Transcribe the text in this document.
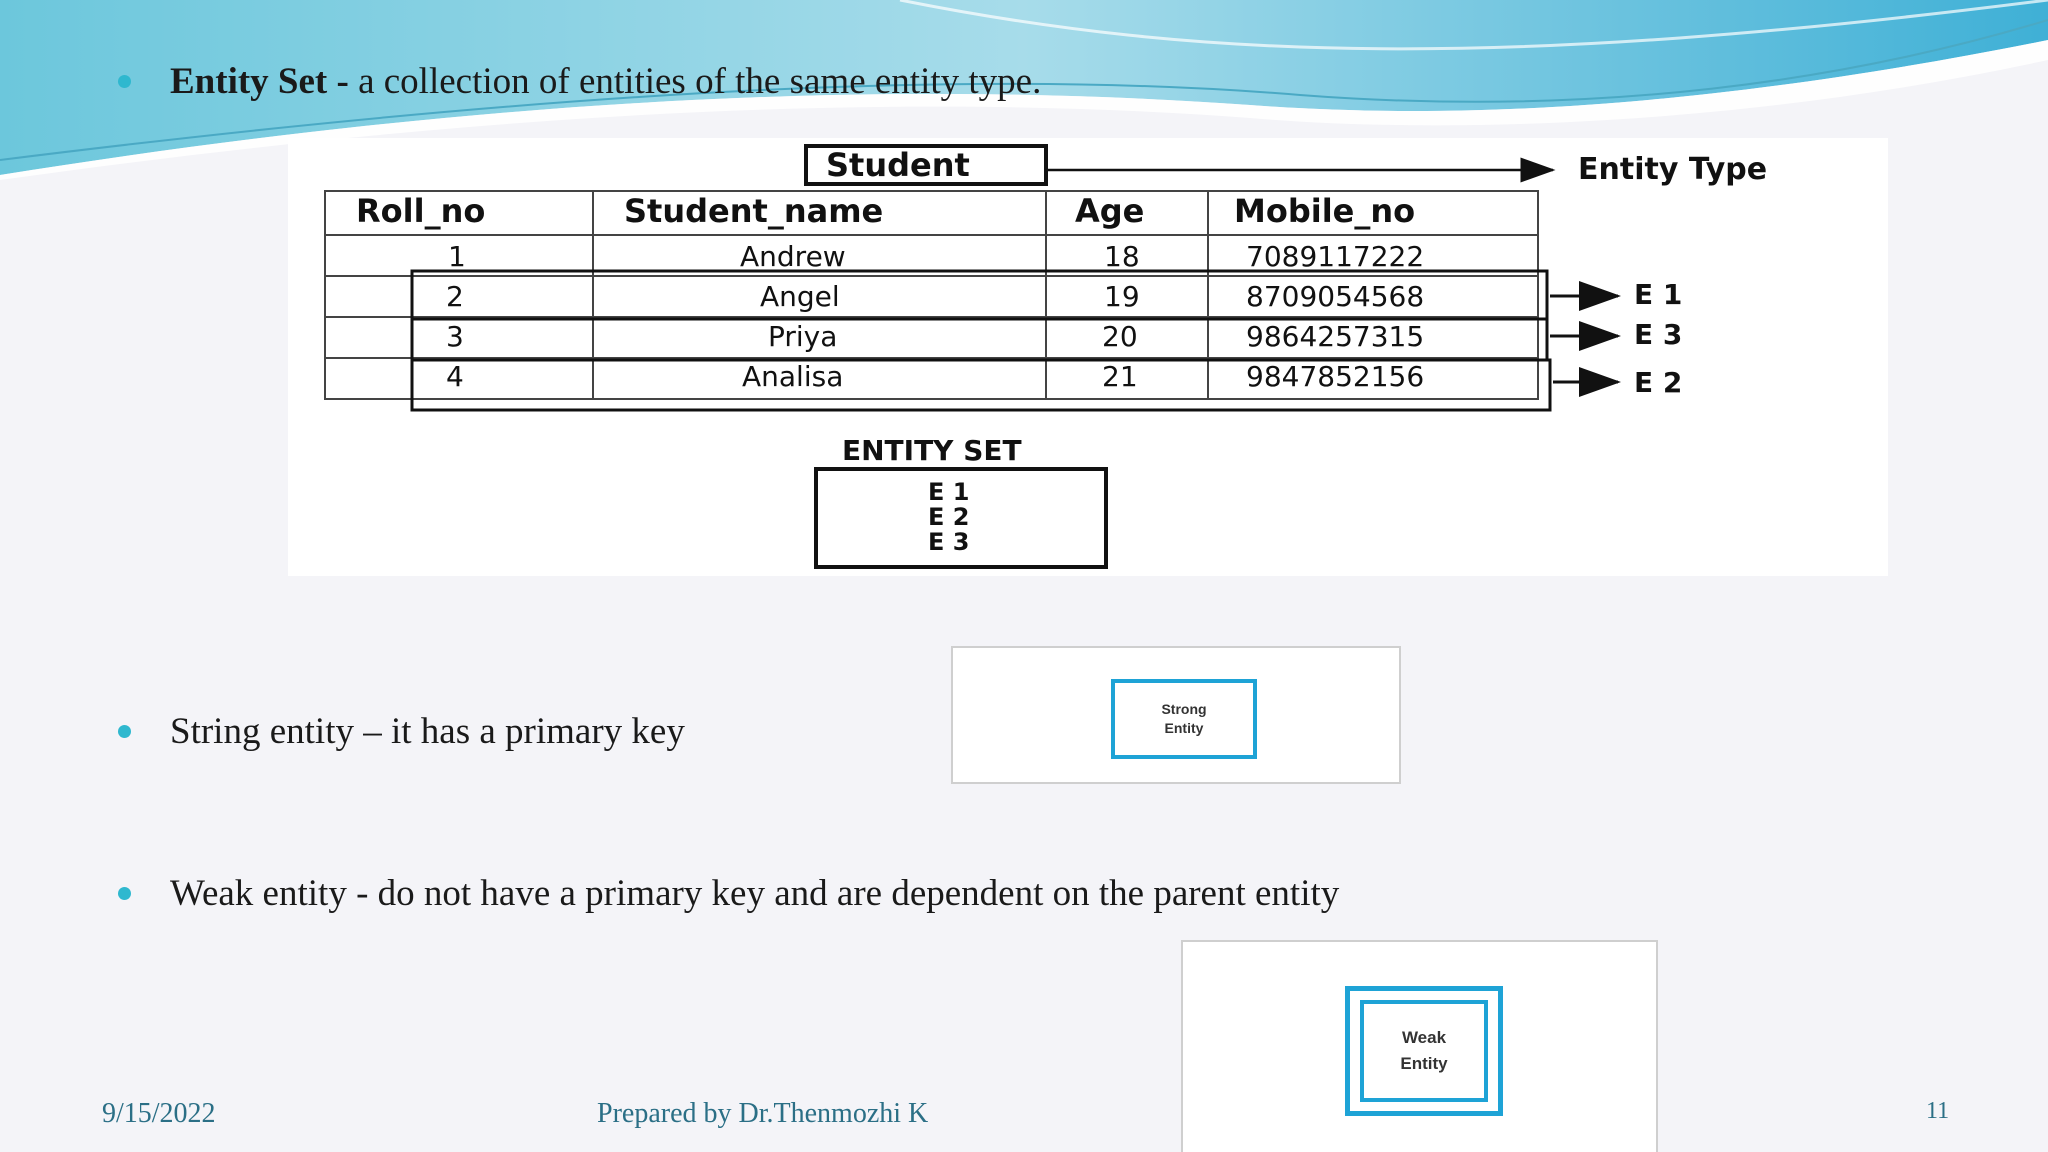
Entity Set - a collection of entities of the same entity type.
Student	Entity Type
Roll_no	Student_name	Age	Mobile_no
1	Andrew	18	7089117222
2	Angel	19	8709054568
3	Priya	20	9864257315
4	Analisa	21	9847852156
E 1
E 3
E 2
ENTITY SET
E 1
E 2
E 3
String entity – it has a primary key
Strong
Entity
Weak entity - do not have a primary key and are dependent on the parent entity
Weak
Entity
9/15/2022	Prepared by Dr.Thenmozhi K	11
